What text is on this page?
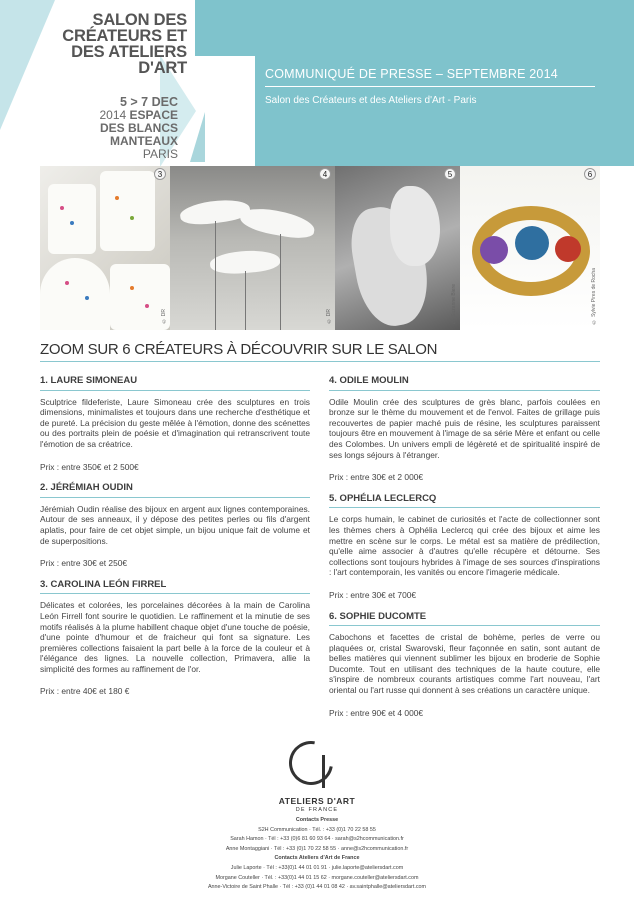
SALON DES CRÉATEURS ET DES ATELIERS D'ART
5 > 7 DEC
2014 ESPACE
DES BLANCS
MANTEAUX
PARIS
COMMUNIQUÉ DE PRESSE – SEPTEMBRE 2014
Salon des Créateurs et des Ateliers d'Art - Paris
3
© DR
4
© DR
5
© Suzanne Biere
6
© Sylvie Pires de Rocha
ZOOM SUR 6 CRÉATEURS À DÉCOUVRIR SUR LE SALON
1. LAURE SIMONEAU

Sculptrice fildeferiste, Laure Simoneau crée des sculptures en trois dimensions, minimalistes et toujours dans une recherche d'esthétique et de pureté. La précision du geste mêlée à l'émotion, donne des scénettes ou des portraits plein de poésie et d'imagination qui retranscrivent toute l'émotion de sa créatrice.

Prix : entre 350€ et 2 500€

2. JÉRÉMIAH OUDIN

Jérémiah Oudin réalise des bijoux en argent aux lignes contemporaines. Autour de ses anneaux, il y dépose des petites perles ou fils d'argent aplatis, pour faire de cet objet simple, un bijou unique fait de volume et de superpositions.

Prix : entre 30€ et 250€

3. CAROLINA LEÓN FIRREL

Délicates et colorées, les porcelaines décorées à la main de Carolina León Firrell font sourire le quotidien. Le raffinement et la minutie de ses motifs réalisés à la plume habillent chaque objet d'une touche de poésie, d'une pointe d'humour et de fraicheur qui font sa signature. Les premières collections faisaient la part belle à la force de la couleur et à l'élégance des lignes. La nouvelle collection, Primavera, allie la simplicité des formes au raffinement de l'or.

Prix : entre 40€ et 180 €

4. ODILE MOULIN

Odile Moulin crée des sculptures de grès blanc, parfois coulées en bronze sur le thème du mouvement et de l'envol. Faites de grillage puis recouvertes de papier maché puis de résine, les sculptures paraissent toujours être en mouvement à l'image de sa série Mère et enfant ou celle des Colombes. Un univers empli de légèreté et de spiritualité inspiré de ses longs séjours à l'étranger.

Prix : entre 30€ et 2 000€

5. OPHÉLIA LECLERCQ

Le corps humain, le cabinet de curiosités et l'acte de collectionner sont les thèmes chers à Ophélia Leclercq qui crée des bijoux et aime les mettre en scène sur le corps. Le métal est sa matière de prédilection, qu'elle aime associer à d'autres qu'elle récupère et détourne. Ses collections sont toujours hybrides à l'image de ses sources d'inspirations : l'art contemporain, les vanités ou encore l'imagerie médicale.

Prix : entre 30€ et 700€

6. SOPHIE DUCOMTE

Cabochons et facettes de cristal de bohème, perles de verre ou plaquées or, cristal Swarovski, fleur façonnée en satin, sont autant de belles matières qui viennent sublimer les bijoux en broderie de Sophie Ducomte. Tout en utilisant des techniques de la haute couture, elle s'inspire de nombreux courants artistiques comme l'art nouveau, l'art oriental ou l'art russe qui donnent à ses créations un caractère unique.

Prix : entre 90€ et 4 000€

ATELIERS D'ART
DE FRANCE
Contacts Presse
S2H Communication · Tél. : +33 (0)1 70 22 58 55
Sarah Hamon · Tél : +33 (0)6 81 60 93 64 · sarah@s2hcommunication.fr
Anne Montaggiani · Tél : +33 (0)1 70 22 58 55 · anne@s2hcommunication.fr
Contacts Ateliers d'Art de France
Julie Laporte · Tél : +33(0)1 44 01 01 91 · julie.laporte@ateliersdart.com
Morgane Couteller · Tél. : +33(0)1 44 01 15 62 · morgane.couteller@ateliersdart.com
Anne-Victoire de Saint Phalle · Tél : +33 (0)1 44 01 08 42 · av.saintphalle@ateliersdart.com
